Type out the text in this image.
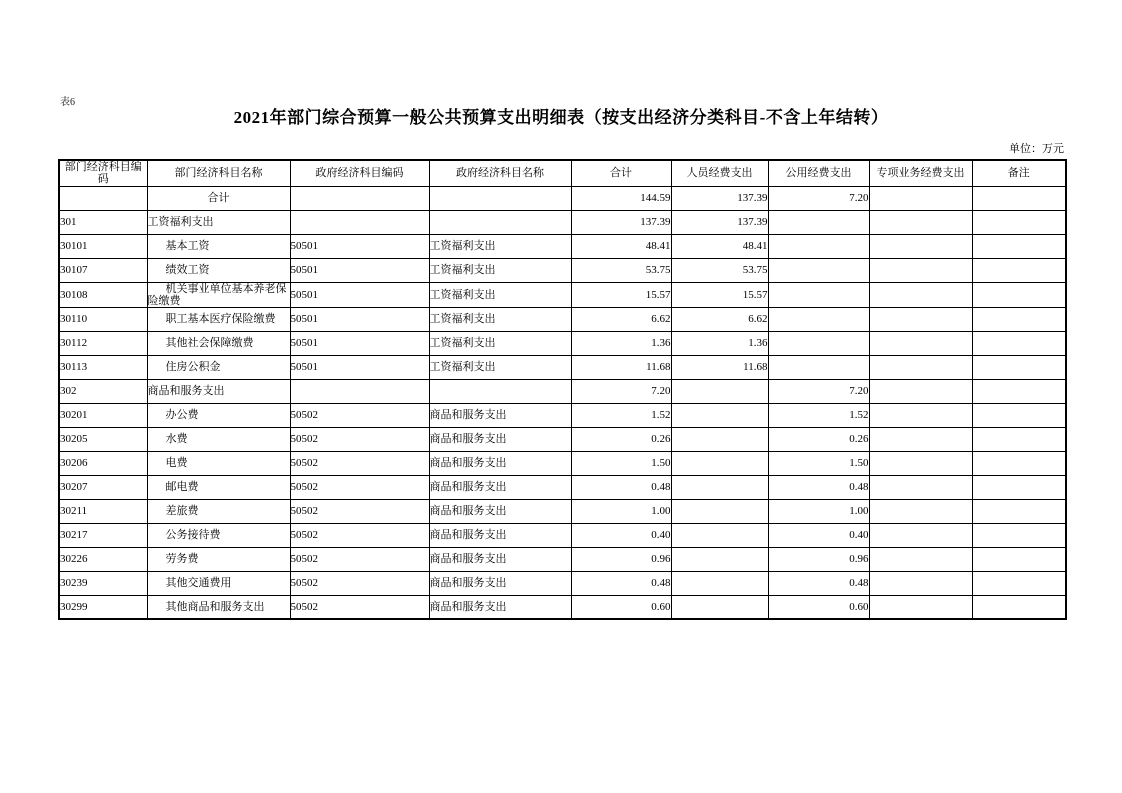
表6
2021年部门综合预算一般公共预算支出明细表（按支出经济分类科目-不含上年结转）
单位：万元
部门经济科目编码	部门经济科目名称	政府经济科目编码	政府经济科目名称	合计	人员经费支出	公用经费支出	专项业务经费支出	备注
	合计			144.59	137.39	7.20		
301	工资福利支出			137.39	137.39			
30101	基本工资	50501	工资福利支出	48.41	48.41			
30107	绩效工资	50501	工资福利支出	53.75	53.75			
30108	机关事业单位基本养老保险缴费	50501	工资福利支出	15.57	15.57			
30110	职工基本医疗保险缴费	50501	工资福利支出	6.62	6.62			
30112	其他社会保障缴费	50501	工资福利支出	1.36	1.36			
30113	住房公积金	50501	工资福利支出	11.68	11.68			
302	商品和服务支出			7.20		7.20		
30201	办公费	50502	商品和服务支出	1.52		1.52		
30205	水费	50502	商品和服务支出	0.26		0.26		
30206	电费	50502	商品和服务支出	1.50		1.50		
30207	邮电费	50502	商品和服务支出	0.48		0.48		
30211	差旅费	50502	商品和服务支出	1.00		1.00		
30217	公务接待费	50502	商品和服务支出	0.40		0.40		
30226	劳务费	50502	商品和服务支出	0.96		0.96		
30239	其他交通费用	50502	商品和服务支出	0.48		0.48		
30299	其他商品和服务支出	50502	商品和服务支出	0.60		0.60		
